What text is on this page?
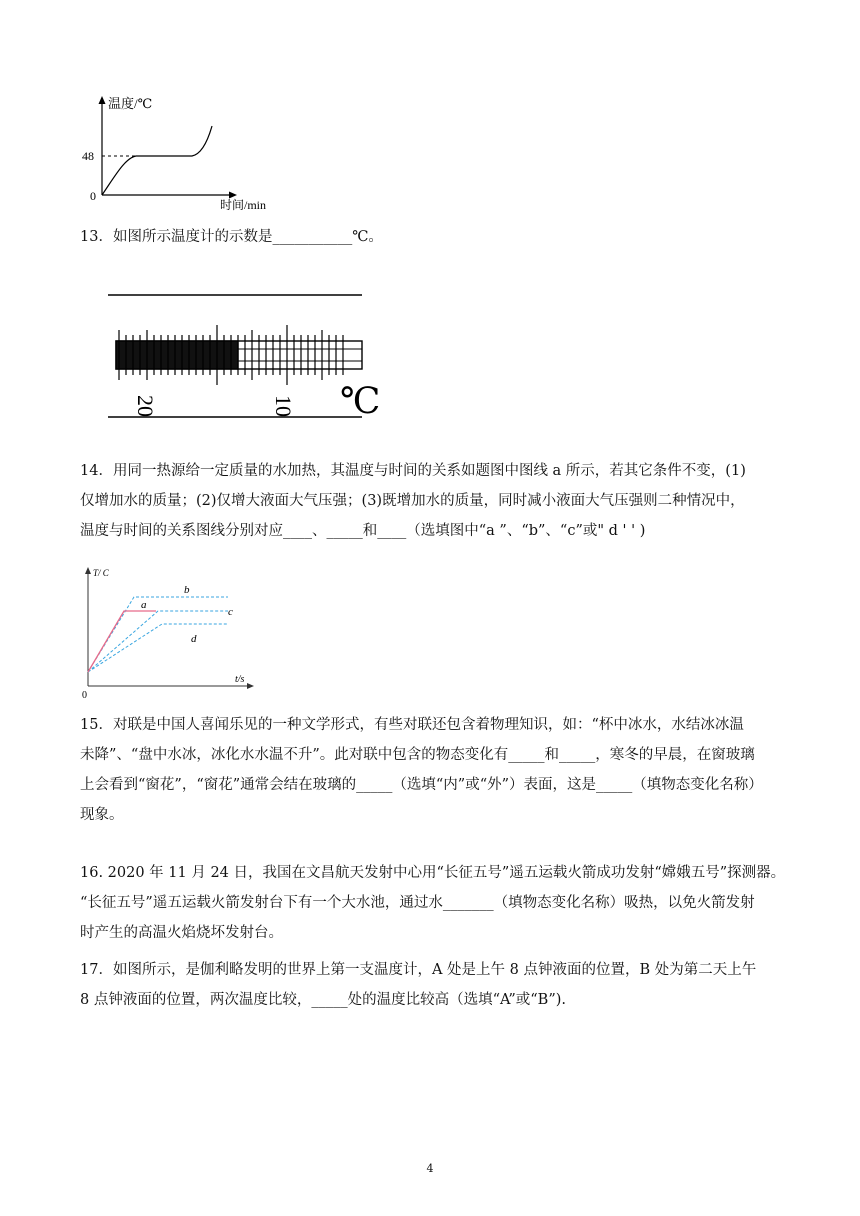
温度/℃
48
0
时间/min

13．如图所示温度计的示数是___________℃。

20	10 ℃

14．用同一热源给一定质量的水加热，其温度与时间的关系如题图中图线 a 所示，若其它条件不变，(1)

仅增加水的质量；(2)仅增大液面大气压强；(3)既增加水的质量，同时减小液面大气压强则二种情况中，

温度与时间的关系图线分别对应____、_____和____（选填图中“a ”、“b”、“c”或" d ' ' )

T/ C
t/s
0
a
b
c
d

15．对联是中国人喜闻乐见的一种文学形式，有些对联还包含着物理知识，如：“杯中冰水，水结冰冰温

未降”、“盘中水冰，冰化水水温不升”。此对联中包含的物态变化有_____和_____，寒冬的早晨，在窗玻璃

上会看到“窗花”，“窗花”通常会结在玻璃的_____（选填“内”或“外”）表面，这是_____（填物态变化名称）

现象。

16. 2020 年 11 月 24 日，我国在文昌航天发射中心用“长征五号”遥五运载火箭成功发射“嫦娥五号”探测器。

“长征五号”遥五运载火箭发射台下有一个大水池，通过水_______（填物态变化名称）吸热，以免火箭发射

时产生的高温火焰烧坏发射台。

17．如图所示，是伽利略发明的世界上第一支温度计，A 处是上午 8 点钟液面的位置，B 处为第二天上午

8 点钟液面的位置，两次温度比较，_____处的温度比较高（选填“A”或“B”).

4
